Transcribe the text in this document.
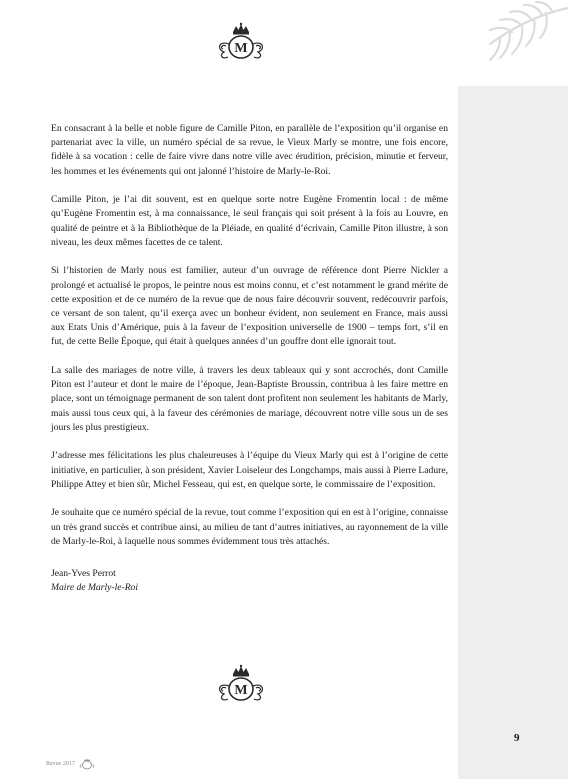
M

En consacrant à la belle et noble figure de Camille Piton, en parallèle de l’exposition qu’il organise en partenariat avec la ville, un numéro spécial de sa revue, le Vieux Marly se montre, une fois encore, fidèle à sa vocation : celle de faire vivre dans notre ville avec érudition, précision, minutie et ferveur, les hommes et les événements qui ont jalonné l’histoire de Marly-le-Roi.

Camille Piton, je l’ai dit souvent, est en quelque sorte notre Eugène Fromentin local : de même qu’Eugène Fromentin est, à ma connaissance, le seul français qui soit présent à la fois au Louvre, en qualité de peintre et à la Bibliothèque de la Pléiade, en qualité d’écrivain, Camille Piton illustre, à son niveau, les deux mêmes facettes de ce talent.

Si l’historien de Marly nous est familier, auteur d’un ouvrage de référence dont Pierre Nickler a prolongé et actualisé le propos, le peintre nous est moins connu, et c’est notamment le grand mérite de cette exposition et de ce numéro de la revue que de nous faire découvrir souvent, redécouvrir parfois, ce versant de son talent, qu’il exerça avec un bonheur évident, non seulement en France, mais aussi aux Etats Unis d’Amérique, puis à la faveur de l’exposition universelle de 1900 – temps fort, s’il en fut, de cette Belle Époque, qui était à quelques années d’un gouffre dont elle ignorait tout.

La salle des mariages de notre ville, à travers les deux tableaux qui y sont accrochés, dont Camille Piton est l’auteur et dont le maire de l’époque, Jean-Baptiste Broussin, contribua à les faire mettre en place, sont un témoignage permanent de son talent dont profitent non seulement les habitants de Marly, mais aussi tous ceux qui, à la faveur des cérémonies de mariage, découvrent notre ville sous un de ses jours les plus prestigieux.

J’adresse mes félicitations les plus chaleureuses à l’équipe du Vieux Marly qui est à l’origine de cette initiative, en particulier, à son président, Xavier Loiseleur des Longchamps, mais aussi à Pierre Ladure, Philippe Attey et bien sûr, Michel Fesseau, qui est, en quelque sorte, le commissaire de l’exposition.

Je souhaite que ce numéro spécial de la revue, tout comme l’exposition qui en est à l’origine, connaisse un très grand succès et contribue ainsi, au milieu de tant d’autres initiatives, au rayonnement de la ville de Marly-le-Roi, à laquelle nous sommes évidemment tous très attachés.

Jean-Yves Perrot
Maire de Marly-le-Roi
M
9
Revue 2017
